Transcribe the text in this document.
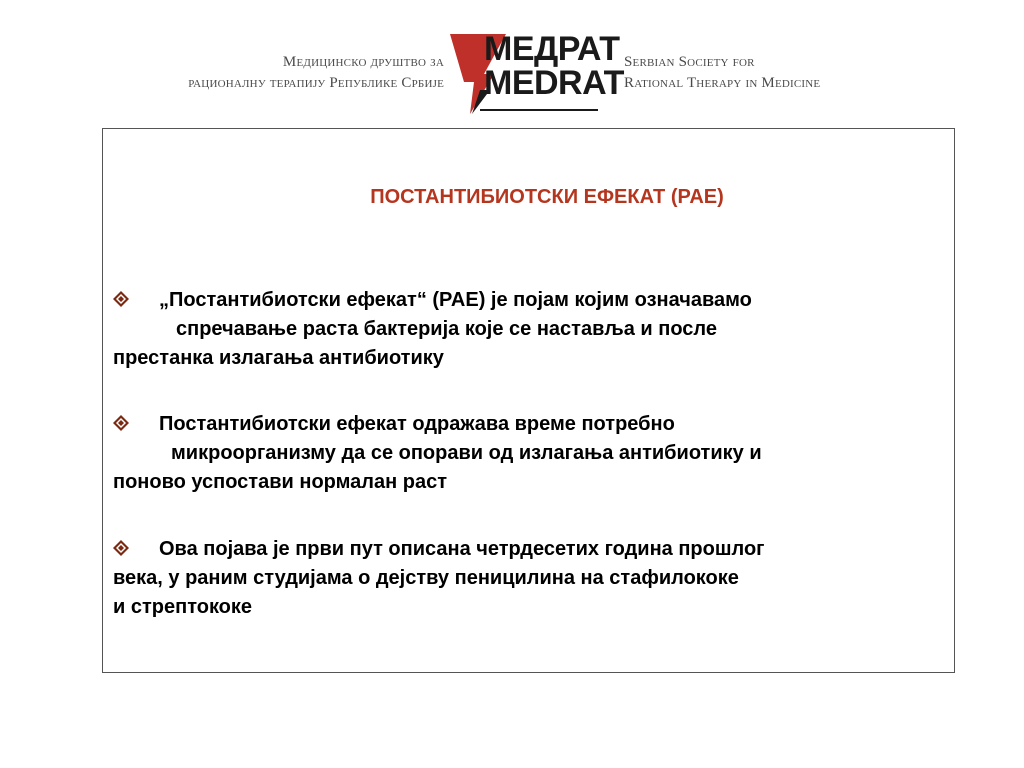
Медицинско друштво за
рационалну терапију Републике Србије
МЕДРАТ
MEDRAT
Serbian Society for
Rational Therapy in Medicine
ПОСТАНТИБИОТСКИ ЕФЕКАТ (PAE)
„Постантибиотски ефекат“ (PAE) је појам којим означавамо
спречавање раста бактерија које се наставља и после
престанка излагања антибиотику
Постантибиотски ефекат одражава време потребно
микроорганизму да се опорави од излагања антибиотику и
поново успостави нормалан раст
Ова појава је први пут описана четрдесетих година прошлог
века, у раним студијама о дејству пеницилина на стафилококе
и стрептококе
